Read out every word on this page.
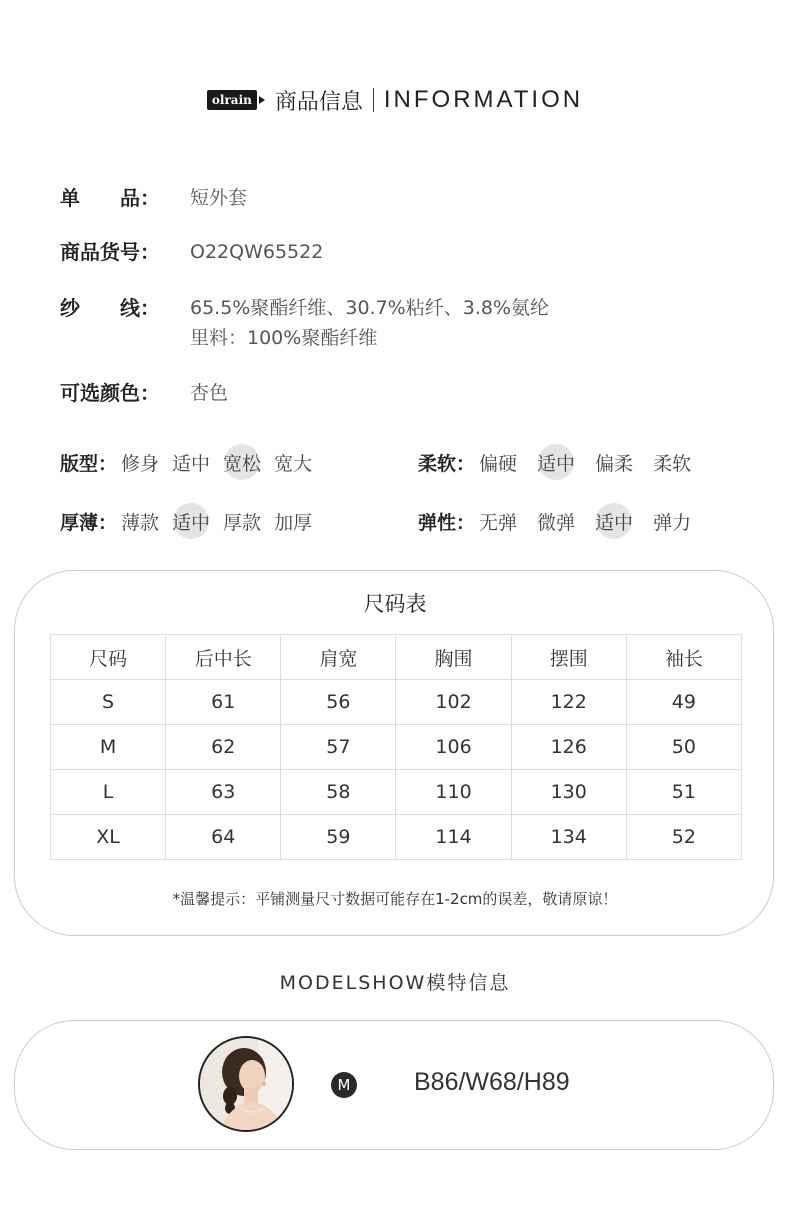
olrain 商品信息 INFORMATION
单　　品：	短外套
商品货号：	O22QW65522
纱　　线：	65.5%聚酯纤维、30.7%粘纤、3.8%氨纶
里料：100%聚酯纤维
可选颜色：	杏色
版型： 修身 适中 宽松 宽大	柔软： 偏硬 适中 偏柔 柔软
厚薄： 薄款 适中 厚款 加厚	弹性： 无弹 微弹 适中 弹力
尺码表
尺码	后中长	肩宽	胸围	摆围	袖长
S	61	56	102	122	49
M	62	57	106	126	50
L	63	58	110	130	51
XL	64	59	114	134	52
*温馨提示：平铺测量尺寸数据可能存在1-2cm的误差，敬请原谅！
MODELSHOW模特信息
M	B86/W68/H89
